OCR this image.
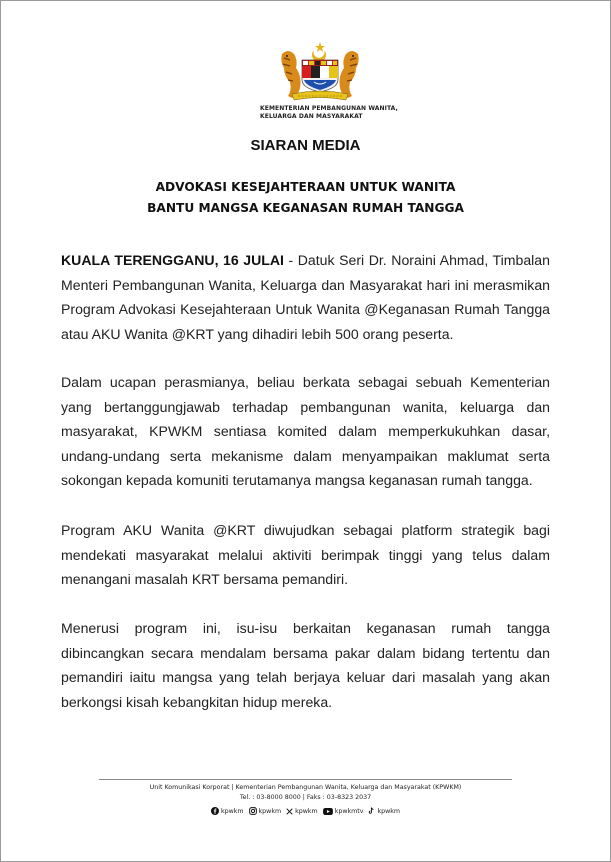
KEMENTERIAN PEMBANGUNAN WANITA,
KELUARGA DAN MASYARAKAT
SIARAN MEDIA
ADVOKASI KESEJAHTERAAN UNTUK WANITA
BANTU MANGSA KEGANASAN RUMAH TANGGA
KUALA TERENGGANU, 16 JULAI - Datuk Seri Dr. Noraini Ahmad, Timbalan Menteri Pembangunan Wanita, Keluarga dan Masyarakat hari ini merasmikan Program Advokasi Kesejahteraan Untuk Wanita @Keganasan Rumah Tangga atau AKU Wanita @KRT yang dihadiri lebih 500 orang peserta.
Dalam ucapan perasmianya, beliau berkata sebagai sebuah Kementerian yang bertanggungjawab terhadap pembangunan wanita, keluarga dan masyarakat, KPWKM sentiasa komited dalam memperkukuhkan dasar, undang-undang serta mekanisme dalam menyampaikan maklumat serta sokongan kepada komuniti terutamanya mangsa keganasan rumah tangga.
Program AKU Wanita @KRT diwujudkan sebagai platform strategik bagi mendekati masyarakat melalui aktiviti berimpak tinggi yang telus dalam menangani masalah KRT bersama pemandiri.
Menerusi program ini, isu-isu berkaitan keganasan rumah tangga dibincangkan secara mendalam bersama pakar dalam bidang tertentu dan pemandiri iaitu mangsa yang telah berjaya keluar dari masalah yang akan berkongsi kisah kebangkitan hidup mereka.
Unit Komunikasi Korporat | Kementerian Pembangunan Wanita, Keluarga dan Masyarakat (KPWKM)
Tel. : 03-8000 8000 | Faks : 03-8323 2037
kpwkm kpwkm kpwkm	kpwkmtv kpwkm
